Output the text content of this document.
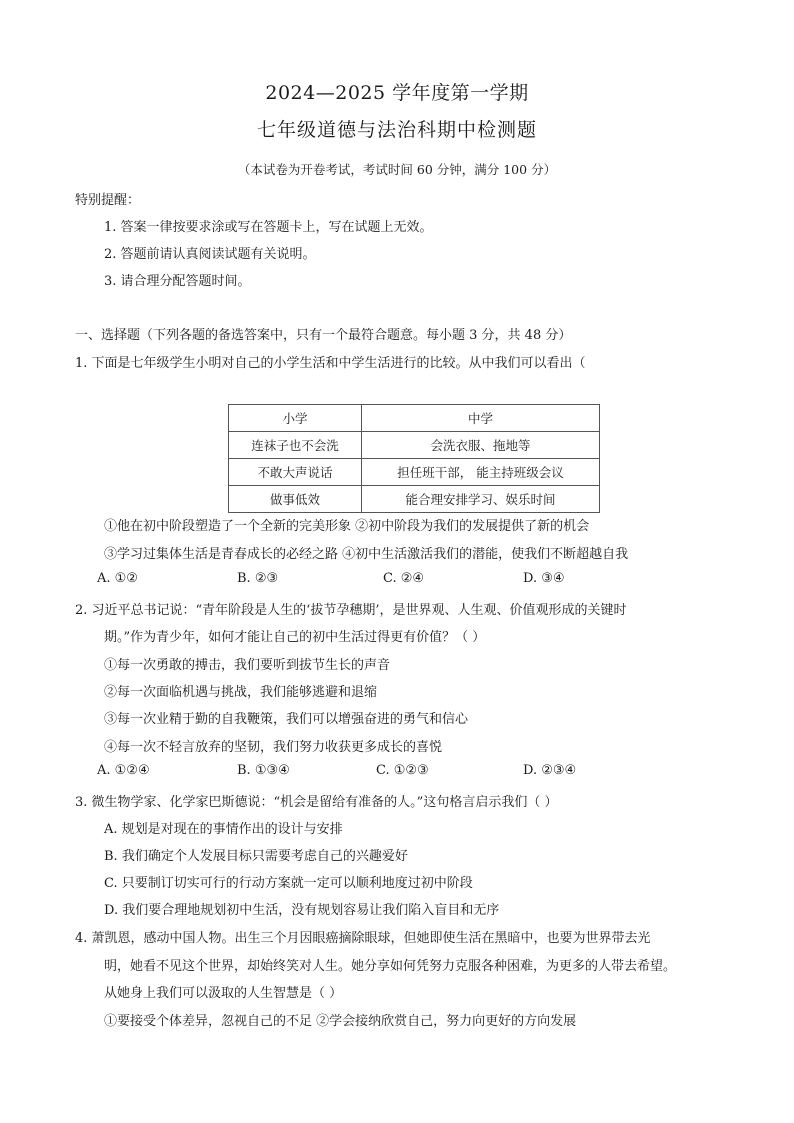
2024—2025 学年度第一学期
七年级道德与法治科期中检测题
（本试卷为开卷考试，考试时间 60 分钟，满分 100 分）
特别提醒：
1. 答案一律按要求涂或写在答题卡上，写在试题上无效。
2. 答题前请认真阅读试题有关说明。
3. 请合理分配答题时间。
一、选择题（下列各题的备选答案中，只有一个最符合题意。每小题 3 分，共 48 分）
1. 下面是七年级学生小明对自己的小学生活和中学生活进行的比较。从中我们可以看出（
小学	中学
连袜子也不会洗	会洗衣服、拖地等
不敢大声说话	担任班干部， 能主持班级会议
做事低效	能合理安排学习、娱乐时间
①他在初中阶段塑造了一个全新的完美形象 ②初中阶段为我们的发展提供了新的机会
③学习过集体生活是青春成长的必经之路 ④初中生活激活我们的潜能，使我们不断超越自我
A. ①②	B. ②③	C. ②④	D. ③④
2. 习近平总书记说：“青年阶段是人生的‘拔节孕穗期’，是世界观、人生观、价值观形成的关键时
期。”作为青少年，如何才能让自己的初中生活过得更有价值？（ ）
①每一次勇敢的搏击，我们要听到拔节生长的声音
②每一次面临机遇与挑战，我们能够逃避和退缩
③每一次业精于勤的自我鞭策，我们可以增强奋进的勇气和信心
④每一次不轻言放弃的坚韧，我们努力收获更多成长的喜悦
A. ①②④	B. ①③④	C. ①②③	D. ②③④
3. 微生物学家、化学家巴斯德说：“机会是留给有准备的人。”这句格言启示我们（ ）
A. 规划是对现在的事情作出的设计与安排
B. 我们确定个人发展目标只需要考虑自己的兴趣爱好
C. 只要制订切实可行的行动方案就一定可以顺利地度过初中阶段
D. 我们要合理地规划初中生活，没有规划容易让我们陷入盲目和无序
4. 萧凯恩，感动中国人物。出生三个月因眼癌摘除眼球，但她即使生活在黑暗中，也要为世界带去光
明，她看不见这个世界，却始终笑对人生。她分享如何凭努力克服各种困难，为更多的人带去希望。
从她身上我们可以汲取的人生智慧是（ ）
①要接受个体差异，忽视自己的不足 ②学会接纳欣赏自己，努力向更好的方向发展
